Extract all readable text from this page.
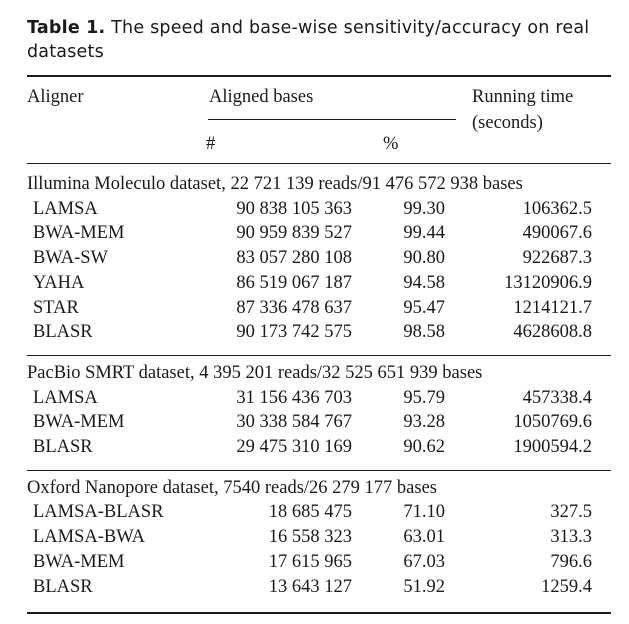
Table 1. The speed and base-wise sensitivity/accuracy on real datasets
Aligner	Aligned bases	Running time
(seconds)
#	%
Illumina Moleculo dataset, 22 721 139 reads/91 476 572 938 bases
LAMSA	90 838 105 363	99.30	106362.5
BWA-MEM	90 959 839 527	99.44	490067.6
BWA-SW	83 057 280 108	90.80	922687.3
YAHA	86 519 067 187	94.58	13120906.9
STAR	87 336 478 637	95.47	1214121.7
BLASR	90 173 742 575	98.58	4628608.8
PacBio SMRT dataset, 4 395 201 reads/32 525 651 939 bases
LAMSA	31 156 436 703	95.79	457338.4
BWA-MEM	30 338 584 767	93.28	1050769.6
BLASR	29 475 310 169	90.62	1900594.2
Oxford Nanopore dataset, 7540 reads/26 279 177 bases
LAMSA-BLASR	18 685 475	71.10	327.5
LAMSA-BWA	16 558 323	63.01	313.3
BWA-MEM	17 615 965	67.03	796.6
BLASR	13 643 127	51.92	1259.4
